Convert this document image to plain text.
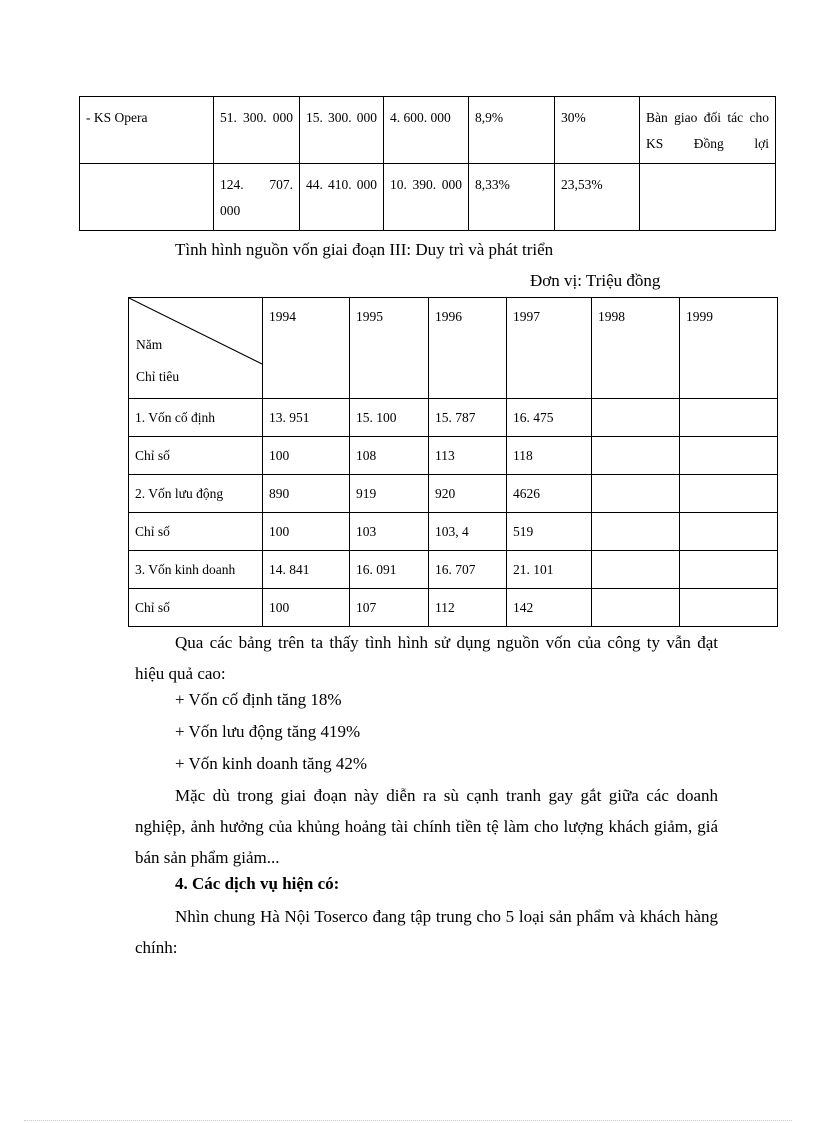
- KS Opera	51. 300. 000	15. 300. 000	4. 600. 000	8,9%	30%	Bàn giao đối tác cho KS Đồng lợi
	124. 707. 000	44. 410. 000	10. 390. 000	8,33%	23,53%	
Tình hình nguồn vốn giai đoạn III: Duy trì và phát triển
Đơn vị: Triệu đồng
Năm
Chỉ tiêu	1994	1995	1996	1997	1998	1999
1. Vốn cố định	13. 951	15. 100	15. 787	16. 475		
Chỉ số	100	108	113	118		
2. Vốn lưu động	890	919	920	4626		
Chỉ số	100	103	103, 4	519		
3. Vốn kinh doanh	14. 841	16. 091	16. 707	21. 101		
Chỉ số	100	107	112	142		
Qua các bảng trên ta thấy tình hình sử dụng nguồn vốn của công ty vẫn đạt hiệu quả cao:
+ Vốn cố định tăng 18%
+ Vốn lưu động tăng 419%
+ Vốn kinh doanh tăng 42%
Mặc dù trong giai đoạn này diễn ra sù cạnh tranh gay gắt giữa các doanh nghiệp, ảnh hưởng của khủng hoảng tài chính tiền tệ làm cho lượng khách giảm, giá bán sản phẩm giảm...
4. Các dịch vụ hiện có:
Nhìn chung Hà Nội Toserco đang tập trung cho 5 loại sản phẩm và khách hàng chính:
